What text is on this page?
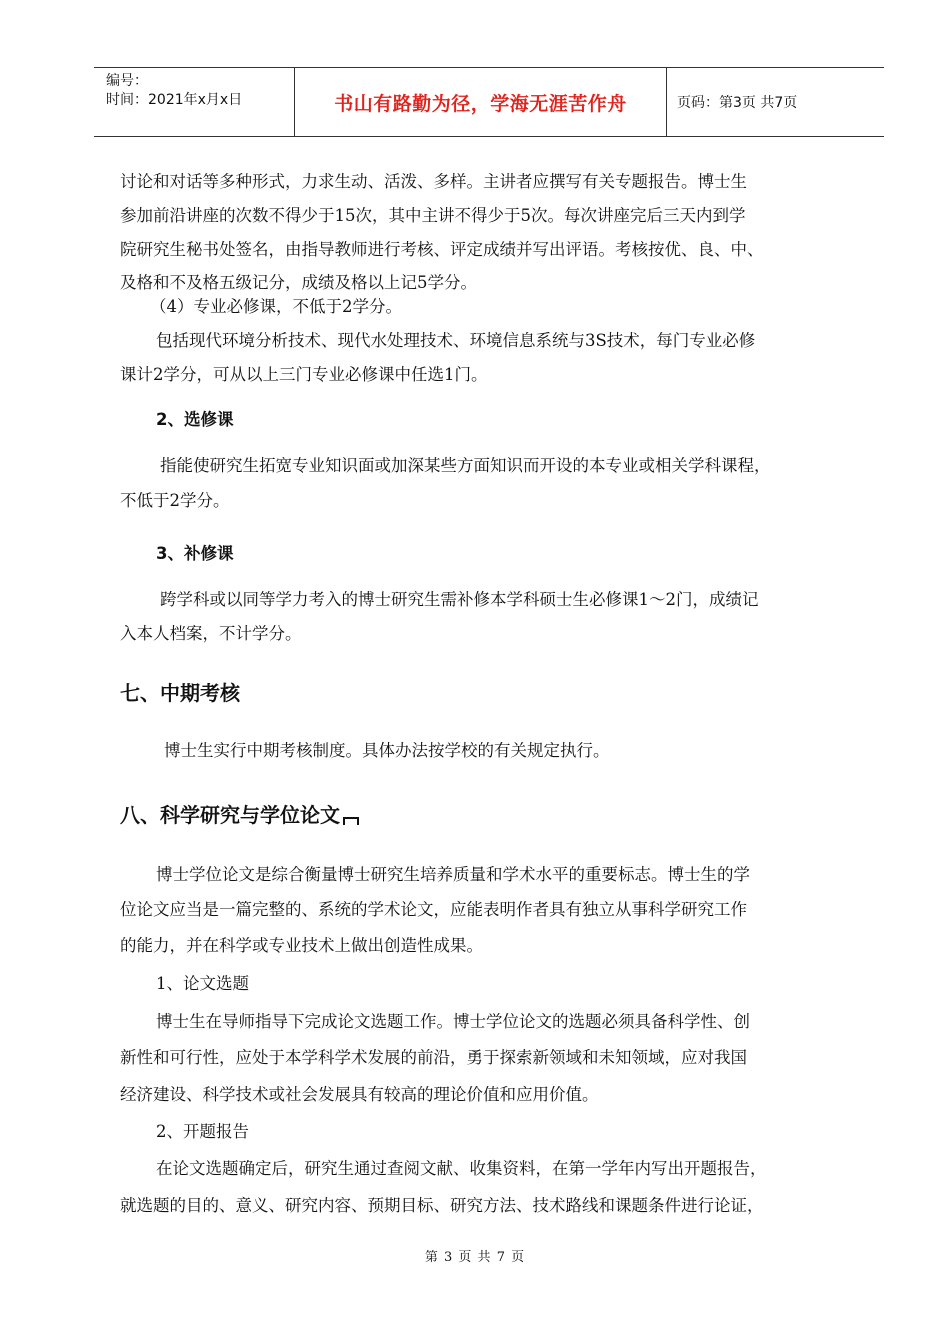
编号：
时间：2021年x月x日	书山有路勤为径，学海无涯苦作舟	页码：第3页 共7页
讨论和对话等多种形式，力求生动、活泼、多样。主讲者应撰写有关专题报告。博士生
参加前沿讲座的次数不得少于15次，其中主讲不得少于5次。每次讲座完后三天内到学
院研究生秘书处签名，由指导教师进行考核、评定成绩并写出评语。考核按优、良、中、
及格和不及格五级记分，成绩及格以上记5学分。
（4）专业必修课，不低于2学分。
包括现代环境分析技术、现代水处理技术、环境信息系统与3S技术，每门专业必修
课计2学分，可从以上三门专业必修课中任选1门。
2、选修课
指能使研究生拓宽专业知识面或加深某些方面知识而开设的本专业或相关学科课程，
不低于2学分。
3、补修课
跨学科或以同等学力考入的博士研究生需补修本学科硕士生必修课1～2门，成绩记
入本人档案，不计学分。
七、中期考核
博士生实行中期考核制度。具体办法按学校的有关规定执行。
八、科学研究与学位论文
博士学位论文是综合衡量博士研究生培养质量和学术水平的重要标志。博士生的学
位论文应当是一篇完整的、系统的学术论文，应能表明作者具有独立从事科学研究工作
的能力，并在科学或专业技术上做出创造性成果。
1、论文选题
博士生在导师指导下完成论文选题工作。博士学位论文的选题必须具备科学性、创
新性和可行性，应处于本学科学术发展的前沿，勇于探索新领域和未知领域，应对我国
经济建设、科学技术或社会发展具有较高的理论价值和应用价值。
2、开题报告
在论文选题确定后，研究生通过查阅文献、收集资料，在第一学年内写出开题报告，
就选题的目的、意义、研究内容、预期目标、研究方法、技术路线和课题条件进行论证，
第 3 页 共 7 页
